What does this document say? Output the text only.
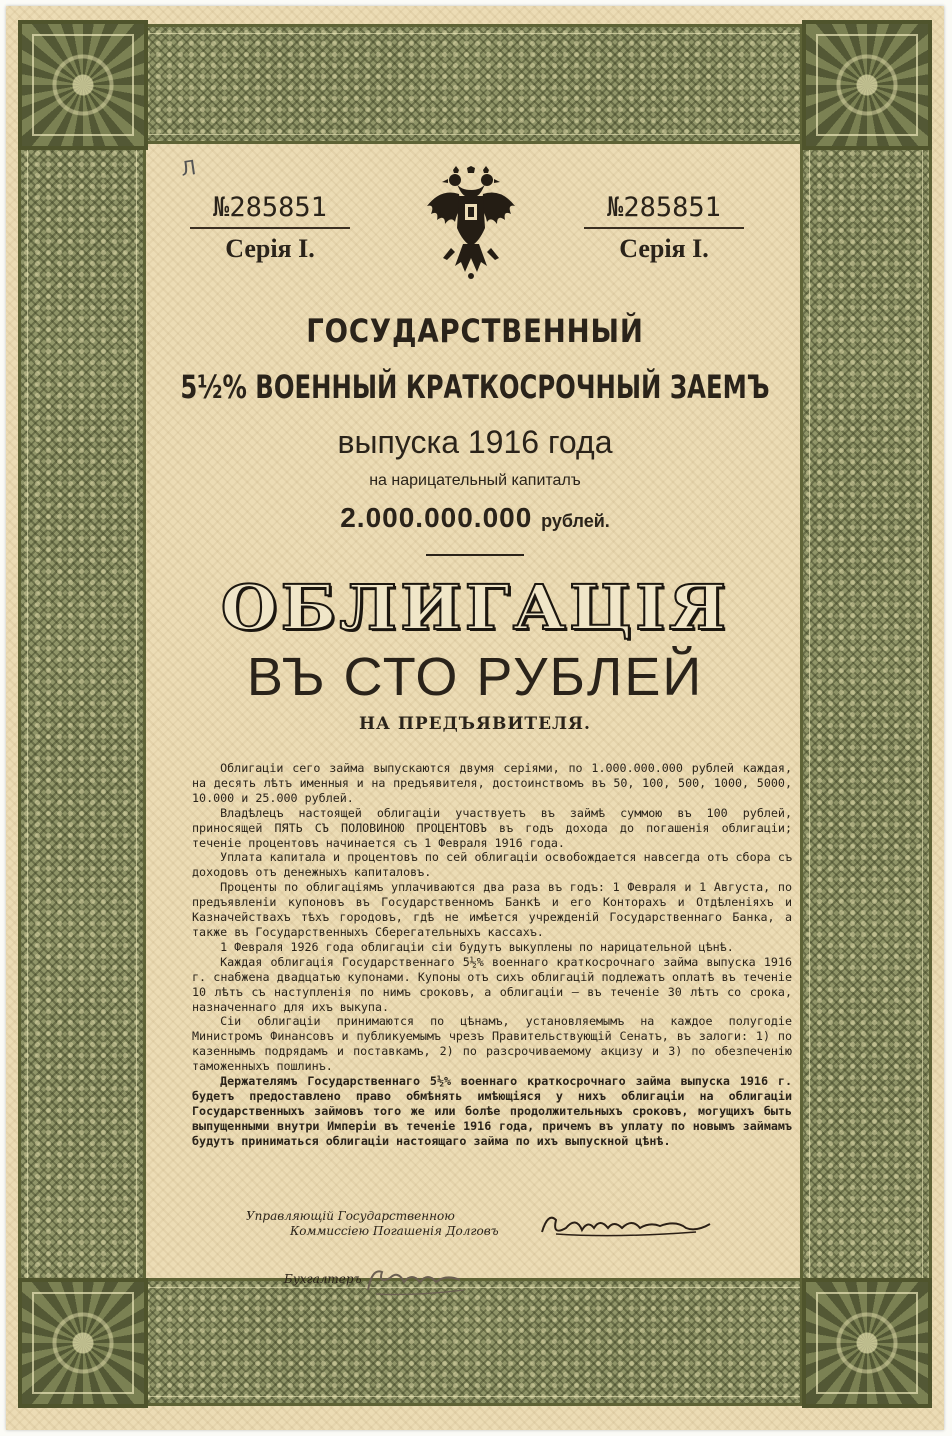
Л
№285851
Серія I.
№285851
Серія I.
ГОСУДАРСТВЕННЫЙ
5½% ВОЕННЫЙ КРАТКОСРОЧНЫЙ ЗАЕМЪ
выпуска 1916 года
на нарицательный капиталъ
2.000.000.000 рублей.
ОБЛИГАЦІЯ
ВЪ СТО РУБЛЕЙ
НА ПРЕДЪЯВИТЕЛЯ.

Облигаціи сего займа выпускаются двумя серіями, по 1.000.000.000 рублей каждая, на десять лѣтъ именныя и на предъявителя, достоинствомъ въ 50, 100, 500, 1000, 5000, 10.000 и 25.000 рублей.

Владѣлецъ настоящей облигаціи участвуетъ въ займѣ суммою въ 100 рублей, приносящей ПЯТЬ СЪ ПОЛОВИНОЮ ПРОЦЕНТОВЪ въ годъ дохода до погашенія облигаціи; теченіе процентовъ начинается съ 1 Февраля 1916 года.

Уплата капитала и процентовъ по сей облигаціи освобождается навсегда отъ сбора съ доходовъ отъ денежныхъ капиталовъ.

Проценты по облигаціямъ уплачиваются два раза въ годъ: 1 Февраля и 1 Августа, по предъявленіи купоновъ въ Государственномъ Банкѣ и его Конторахъ и Отдѣленіяхъ и Казначействахъ тѣхъ городовъ, гдѣ не имѣется учрежденій Государственнаго Банка, а также въ Государственныхъ Сберегательныхъ кассахъ.

1 Февраля 1926 года облигаціи сіи будутъ выкуплены по нарицательной цѣнѣ.

Каждая облигація Государственнаго 5½% военнаго краткосрочнаго займа выпуска 1916 г. снабжена двадцатью купонами. Купоны отъ сихъ облигацій подлежатъ оплатѣ въ теченіе 10 лѣтъ съ наступленія по нимъ сроковъ, а облигаціи — въ теченіе 30 лѣтъ со срока, назначеннаго для ихъ выкупа.

Сіи облигаціи принимаются по цѣнамъ, установляемымъ на каждое полугодіе Министромъ Финансовъ и публикуемымъ чрезъ Правительствующій Сенатъ, въ залоги: 1) по казеннымъ подрядамъ и поставкамъ, 2) по разсрочиваемому акцизу и 3) по обезпеченію таможенныхъ пошлинъ.

Держателямъ Государственнаго 5½% военнаго краткосрочнаго займа выпуска 1916 г. будетъ предоставлено право обмѣнять имѣющіяся у нихъ облигаціи на облигаціи Государственныхъ займовъ того же или болѣе продолжительныхъ сроковъ, могущихъ быть выпущенными внутри Имперіи въ теченіе 1916 года, причемъ въ уплату по новымъ займамъ будутъ приниматься облигаціи настоящаго займа по ихъ выпускной цѣнѣ.

Управляющій Государственною
Коммиссіею Погашенія Долговъ
Бухгалтеръ
